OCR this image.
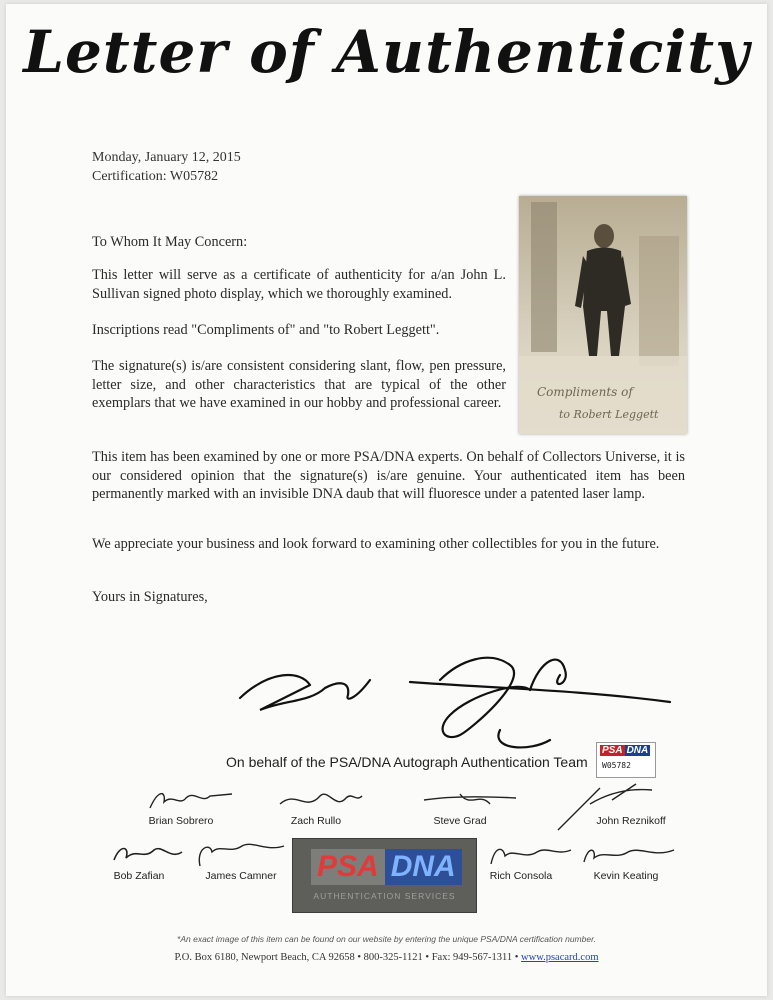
Letter of Authenticity
Monday, January 12, 2015
Certification: W05782
Compliments of
to Robert Leggett
To Whom It May Concern:
This letter will serve as a certificate of authenticity for a/an John L. Sullivan signed photo display, which we thoroughly examined.
Inscriptions read "Compliments of" and "to Robert Leggett".
The signature(s) is/are consistent considering slant, flow, pen pressure, letter size, and other characteristics that are typical of the other exemplars that we have examined in our hobby and professional career.
This item has been examined by one or more PSA/DNA experts. On behalf of Collectors Universe, it is our considered opinion that the signature(s) is/are genuine. Your authenticated item has been permanently marked with an invisible DNA daub that will fluoresce under a patented laser lamp.
We appreciate your business and look forward to examining other collectibles for you in the future.
Yours in Signatures,
On behalf of the PSA/DNA Autograph Authentication Team
PSA DNA
W05782
Brian Sobrero	Zach Rullo	Steve Grad	John Reznikoff
Bob Zafian	James Camner	Rich Consola	Kevin Keating
PSA DNA
AUTHENTICATION SERVICES
*An exact image of this item can be found on our website by entering the unique PSA/DNA certification number.
P.O. Box 6180, Newport Beach, CA 92658 • 800-325-1121 • Fax: 949-567-1311 • www.psacard.com
